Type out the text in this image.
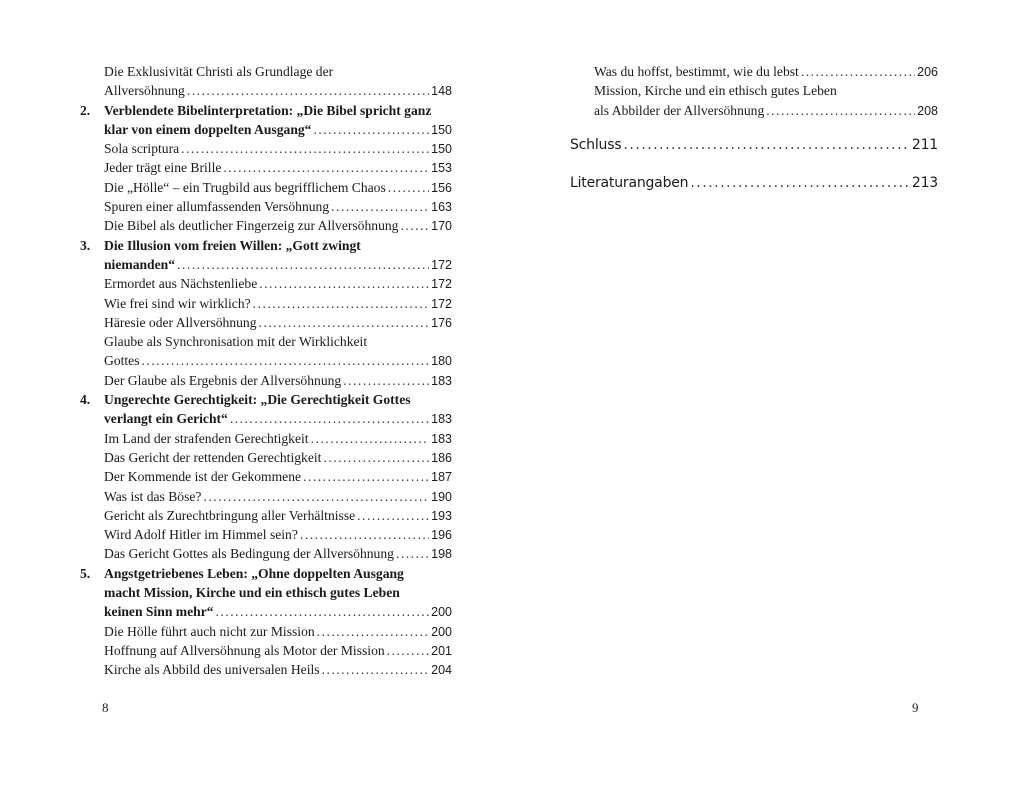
Die Exklusivität Christi als Grundlage der
Allversöhnung .....	148
2.	Verblendete Bibelinterpretation: „Die Bibel spricht ganz
klar von einem doppelten Ausgang“ .....	150
Sola scriptura .....	150
Jeder trägt eine Brille .....	153
Die „Hölle“ – ein Trugbild aus begrifflichem Chaos .....	156
Spuren einer allumfassenden Versöhnung .....	163
Die Bibel als deutlicher Fingerzeig zur Allversöhnung .....	170
3.	Die Illusion vom freien Willen: „Gott zwingt
niemanden“ .....	172
Ermordet aus Nächstenliebe .....	172
Wie frei sind wir wirklich? .....	172
Häresie oder Allversöhnung .....	176
Glaube als Synchronisation mit der Wirklichkeit
Gottes .....	180
Der Glaube als Ergebnis der Allversöhnung .....	183
4.	Ungerechte Gerechtigkeit: „Die Gerechtigkeit Gottes
verlangt ein Gericht“ .....	183
Im Land der strafenden Gerechtigkeit .....	183
Das Gericht der rettenden Gerechtigkeit .....	186
Der Kommende ist der Gekommene .....	187
Was ist das Böse? .....	190
Gericht als Zurechtbringung aller Verhältnisse .....	193
Wird Adolf Hitler im Himmel sein? .....	196
Das Gericht Gottes als Bedingung der Allversöhnung .....	198
5.	Angstgetriebenes Leben: „Ohne doppelten Ausgang
macht Mission, Kirche und ein ethisch gutes Leben
keinen Sinn mehr“ .....	200
Die Hölle führt auch nicht zur Mission .....	200
Hoffnung auf Allversöhnung als Motor der Mission .....	201
Kirche als Abbild des universalen Heils .....	204
8
Was du hoffst, bestimmt, wie du lebst .....	206
Mission, Kirche und ein ethisch gutes Leben
als Abbilder der Allversöhnung .....	208
Schluss .....	211
Literaturangaben .....	213
9
